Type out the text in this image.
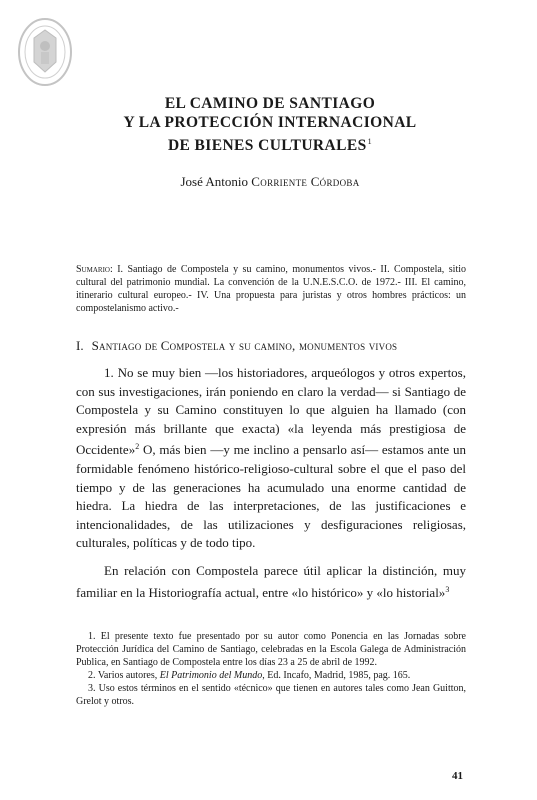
EL CAMINO DE SANTIAGO
Y LA PROTECCIÓN INTERNACIONAL
DE BIENES CULTURALES$^1$
José Antonio Corriente Córdoba
Sumario: I. Santiago de Compostela y su camino, monumentos vivos.- II. Compostela, sitio cultural del patrimonio mundial. La convención de la U.N.E.S.C.O. de 1972.- III. El camino, itinerario cultural europeo.- IV. Una propuesta para juristas y otros hombres prácticos: un compostelanismo activo.-
I. Santiago de Compostela y su camino, monumentos vivos

1. No se muy bien —los historiadores, arqueólogos y otros expertos, con sus investigaciones, irán poniendo en claro la verdad— si Santiago de Compostela y su Camino constituyen lo que alguien ha llamado (con expresión más brillante que exacta) «la leyenda más prestigiosa de Occidente»$^2$ O, más bien —y me inclino a pensarlo así— estamos ante un formidable fenómeno histórico-religioso-cultural sobre el que el paso del tiempo y de las generaciones ha acumulado una enorme cantidad de hiedra. La hiedra de las interpretaciones, de las justificaciones e intencionalidades, de las utilizaciones y desfiguraciones religiosas, culturales, políticas y de todo tipo.

En relación con Compostela parece útil aplicar la distinción, muy familiar en la Historiografía actual, entre «lo histórico» y «lo historial»$^3$

1. El presente texto fue presentado por su autor como Ponencia en las Jornadas sobre Protección Jurídica del Camino de Santiago, celebradas en la Escola Galega de Administración Publica, en Santiago de Compostela entre los días 23 a 25 de abril de 1992.

2. Varios autores, El Patrimonio del Mundo, Ed. Incafo, Madrid, 1985, pag. 165.

3. Uso estos términos en el sentido «técnico» que tienen en autores tales como Jean Guitton, Grelot y otros.

41
